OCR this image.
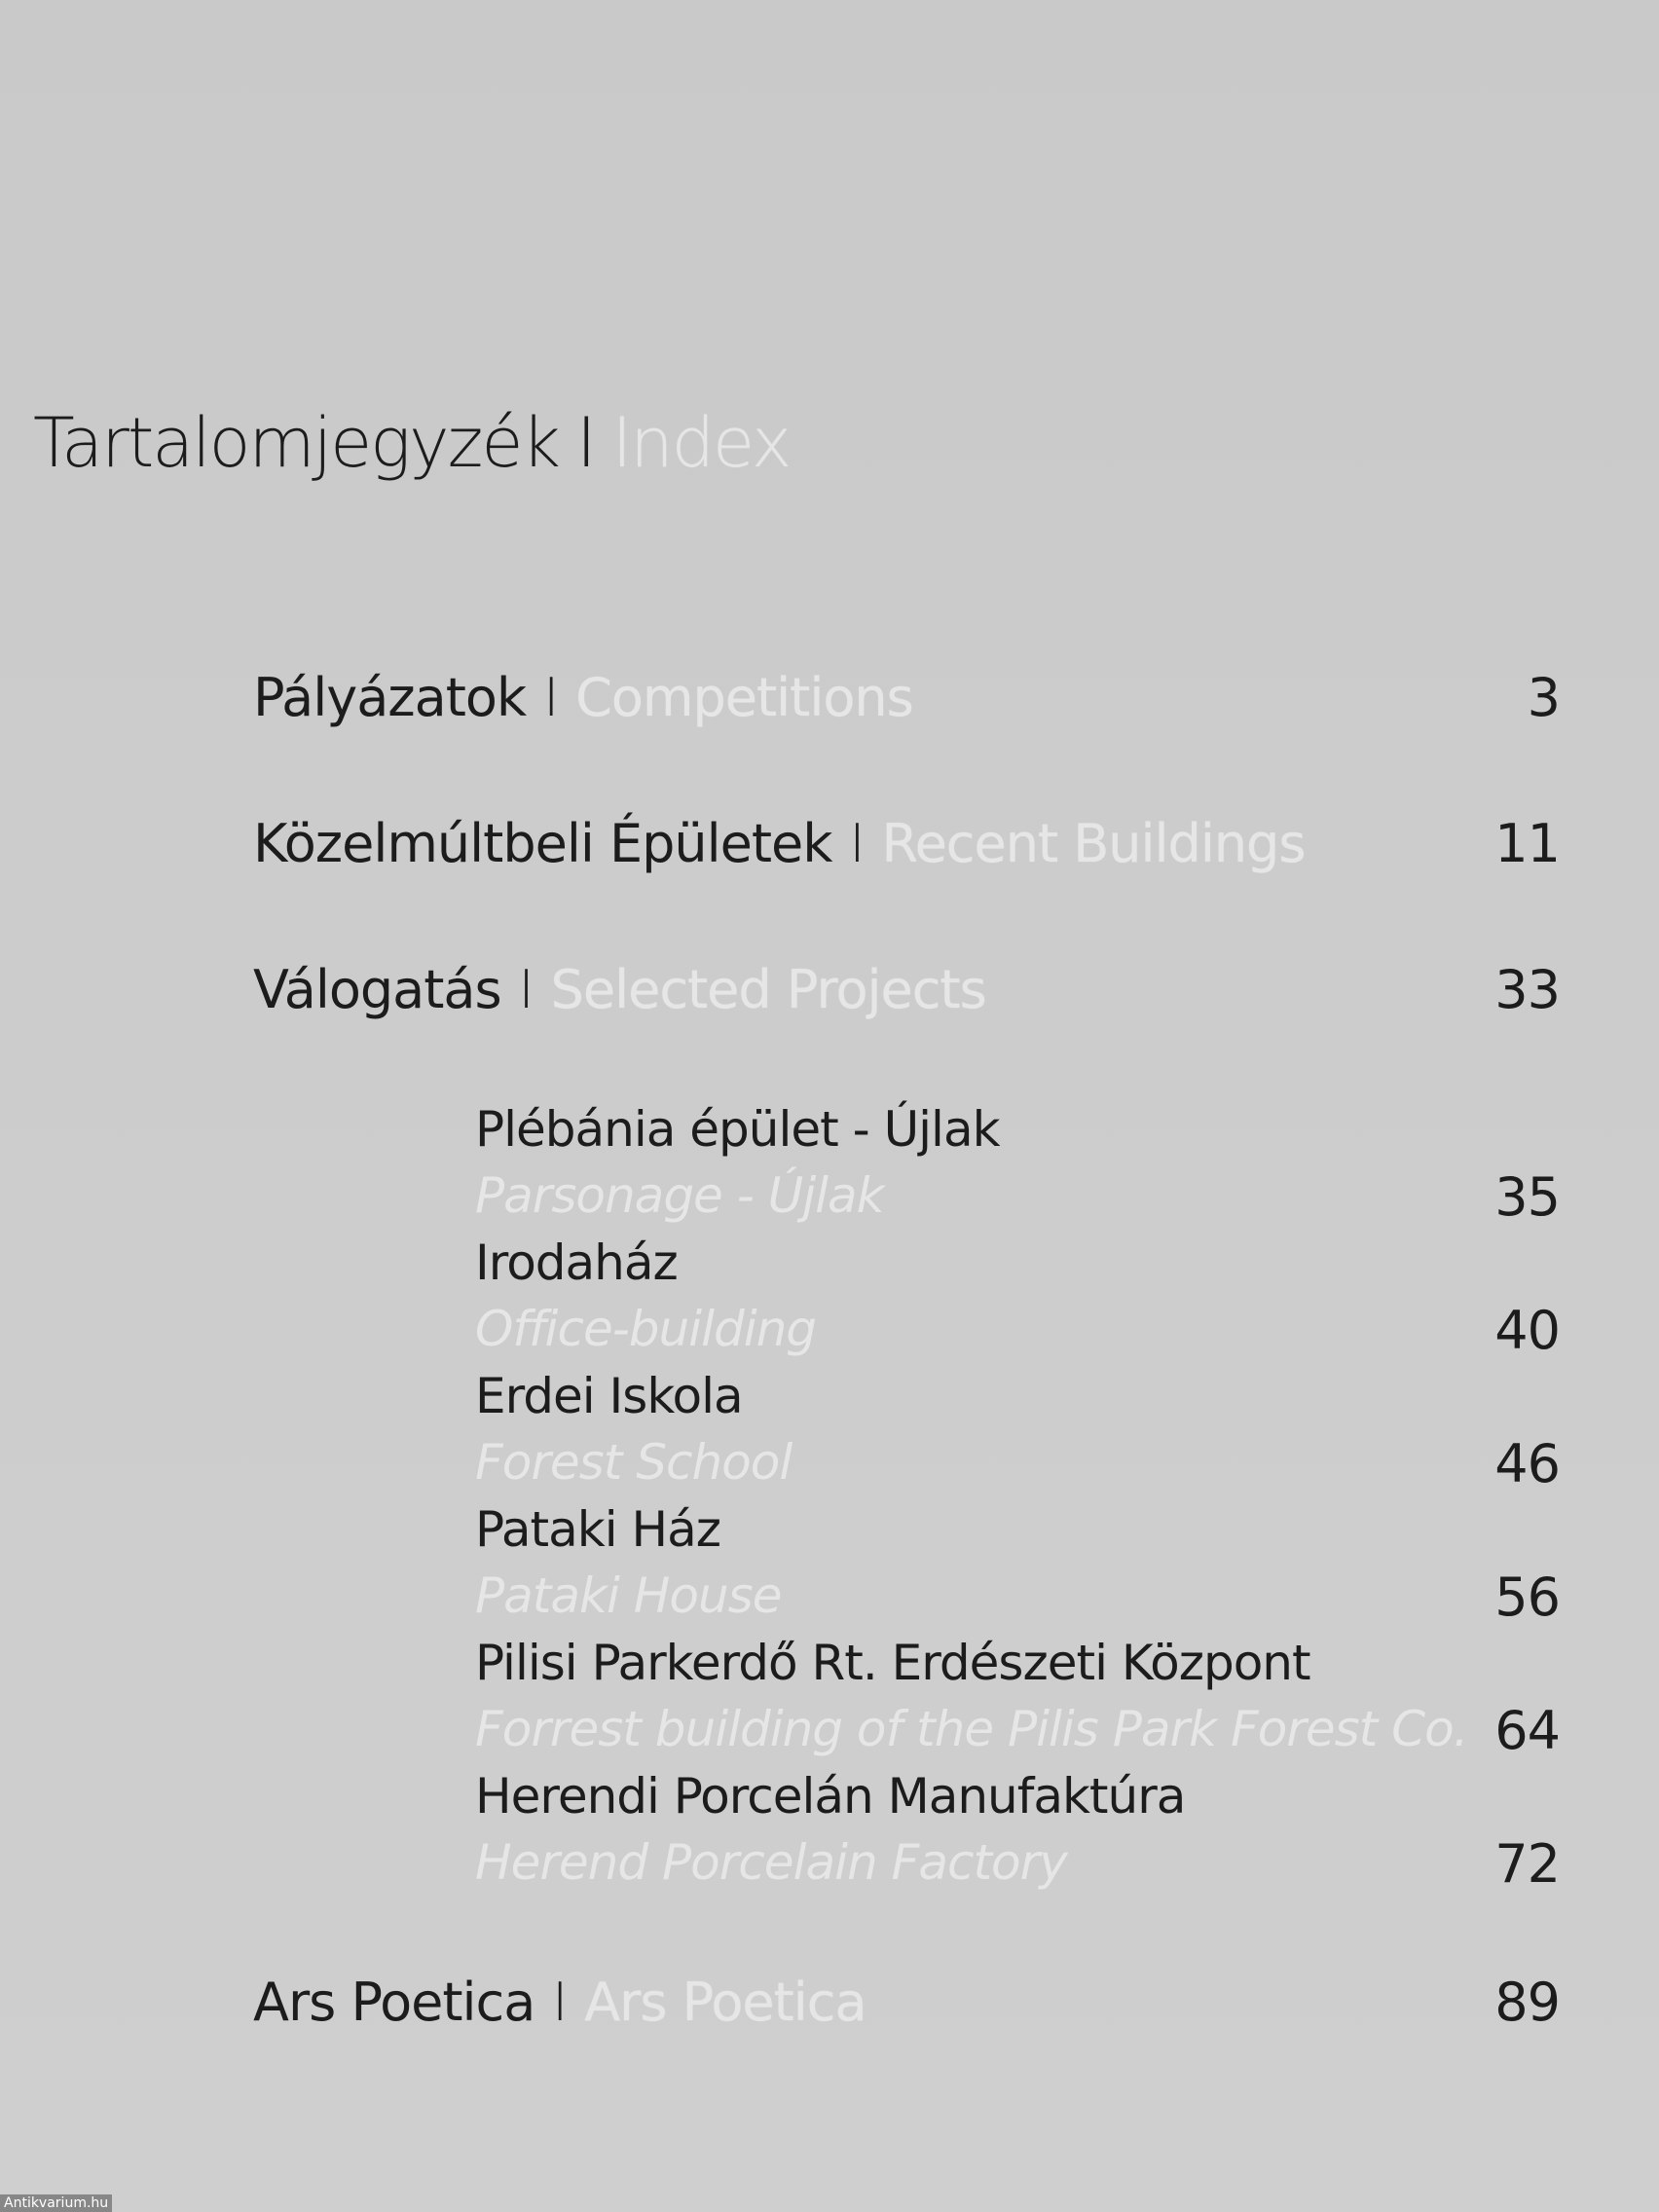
Tartalomjegyzék I Index
Pályázatok I Competitions	3
Közelmúltbeli Épületek I Recent Buildings	11
Válogatás I Selected Projects	33
Plébánia épület - Újlak
Parsonage - Újlak	35
Irodaház
Office-building	40
Erdei Iskola
Forest School	46
Pataki Ház
Pataki House	56
Pilisi Parkerdő Rt. Erdészeti Központ
Forrest building of the Pilis Park Forest Co. 64
Herendi Porcelán Manufaktúra
Herend Porcelain Factory	72
Ars Poetica I Ars Poetica	89
Antikvarium.hu
